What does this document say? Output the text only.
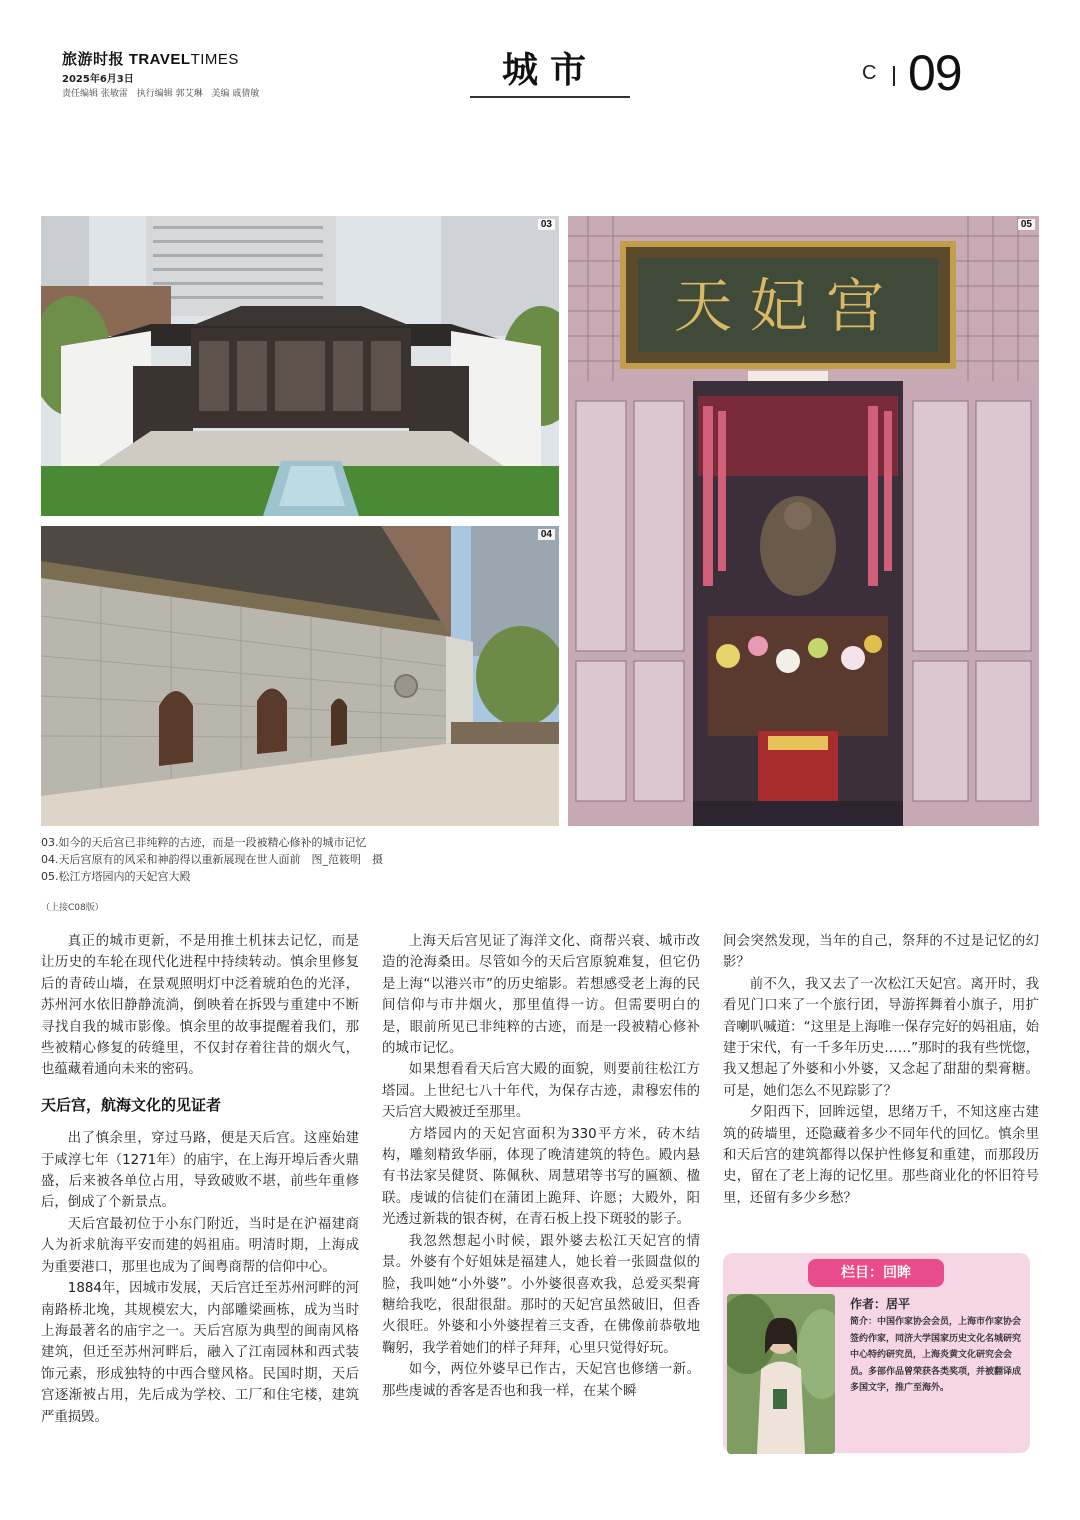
旅游时报 TRAVELTIMES
2025年6月3日
责任编辑 张敏雷 执行编辑 郭艾琳 美编 戚倩敏
城市	C 09
03
04
天妃宫
05
03.如今的天后宫已非纯粹的古迹，而是一段被精心修补的城市记忆
04.天后宫原有的风采和神韵得以重新展现在世人面前　图_范筱明　摄
05.松江方塔园内的天妃宫大殿
（上接C08版）

真正的城市更新，不是用推土机抹去记忆，而是让历史的车轮在现代化进程中持续转动。慎余里修复后的青砖山墙，在景观照明灯中泛着琥珀色的光泽，苏州河水依旧静静流淌，倒映着在拆毁与重建中不断寻找自我的城市影像。慎余里的故事提醒着我们，那些被精心修复的砖缝里，不仅封存着往昔的烟火气，也蕴藏着通向未来的密码。

天后宫，航海文化的见证者

出了慎余里，穿过马路，便是天后宫。这座始建于咸淳七年（1271年）的庙宇，在上海开埠后香火鼎盛，后来被各单位占用，导致破败不堪，前些年重修后，倒成了个新景点。

天后宫最初位于小东门附近，当时是在沪福建商人为祈求航海平安而建的妈祖庙。明清时期，上海成为重要港口，那里也成为了闽粤商帮的信仰中心。

1884年，因城市发展，天后宫迁至苏州河畔的河南路桥北堍，其规模宏大，内部雕梁画栋，成为当时上海最著名的庙宇之一。天后宫原为典型的闽南风格建筑，但迁至苏州河畔后，融入了江南园林和西式装饰元素，形成独特的中西合璧风格。民国时期，天后宫逐渐被占用，先后成为学校、工厂和住宅楼，建筑严重损毁。

上海天后宫见证了海洋文化、商帮兴衰、城市改造的沧海桑田。尽管如今的天后宫原貌难复，但它仍是上海“以港兴市”的历史缩影。若想感受老上海的民间信仰与市井烟火，那里值得一访。但需要明白的是，眼前所见已非纯粹的古迹，而是一段被精心修补的城市记忆。

如果想看看天后宫大殿的面貌，则要前往松江方塔园。上世纪七八十年代，为保存古迹，肃穆宏伟的天后宫大殿被迁至那里。

方塔园内的天妃宫面积为330平方米，砖木结构，雕刻精致华丽，体现了晚清建筑的特色。殿内悬有书法家吴健贤、陈佩秋、周慧珺等书写的匾额、楹联。虔诚的信徒们在蒲团上跪拜、许愿；大殿外，阳光透过新栽的银杏树，在青石板上投下斑驳的影子。

我忽然想起小时候，跟外婆去松江天妃宫的情景。外婆有个好姐妹是福建人，她长着一张圆盘似的脸，我叫她“小外婆”。小外婆很喜欢我，总爱买梨膏糖给我吃，很甜很甜。那时的天妃宫虽然破旧，但香火很旺。外婆和小外婆捏着三支香，在佛像前恭敬地鞠躬，我学着她们的样子拜拜，心里只觉得好玩。

如今，两位外婆早已作古，天妃宫也修缮一新。那些虔诚的香客是否也和我一样，在某个瞬

间会突然发现，当年的自己，祭拜的不过是记忆的幻影？

前不久，我又去了一次松江天妃宫。离开时，我看见门口来了一个旅行团，导游挥舞着小旗子，用扩音喇叭喊道：“这里是上海唯一保存完好的妈祖庙，始建于宋代，有一千多年历史……”那时的我有些恍惚，我又想起了外婆和小外婆，又念起了甜甜的梨膏糖。可是，她们怎么不见踪影了？

夕阳西下，回眸远望，思绪万千，不知这座古建筑的砖墙里，还隐藏着多少不同年代的回忆。慎余里和天后宫的建筑都得以保护性修复和重建，而那段历史，留在了老上海的记忆里。那些商业化的怀旧符号里，还留有多少乡愁？

栏目：回眸
作者：居平
简介：中国作家协会会员，上海市作家协会签约作家，同济大学国家历史文化名城研究中心特约研究员，上海炎黄文化研究会会员。多部作品曾荣获各类奖项，并被翻译成多国文字，推广至海外。
